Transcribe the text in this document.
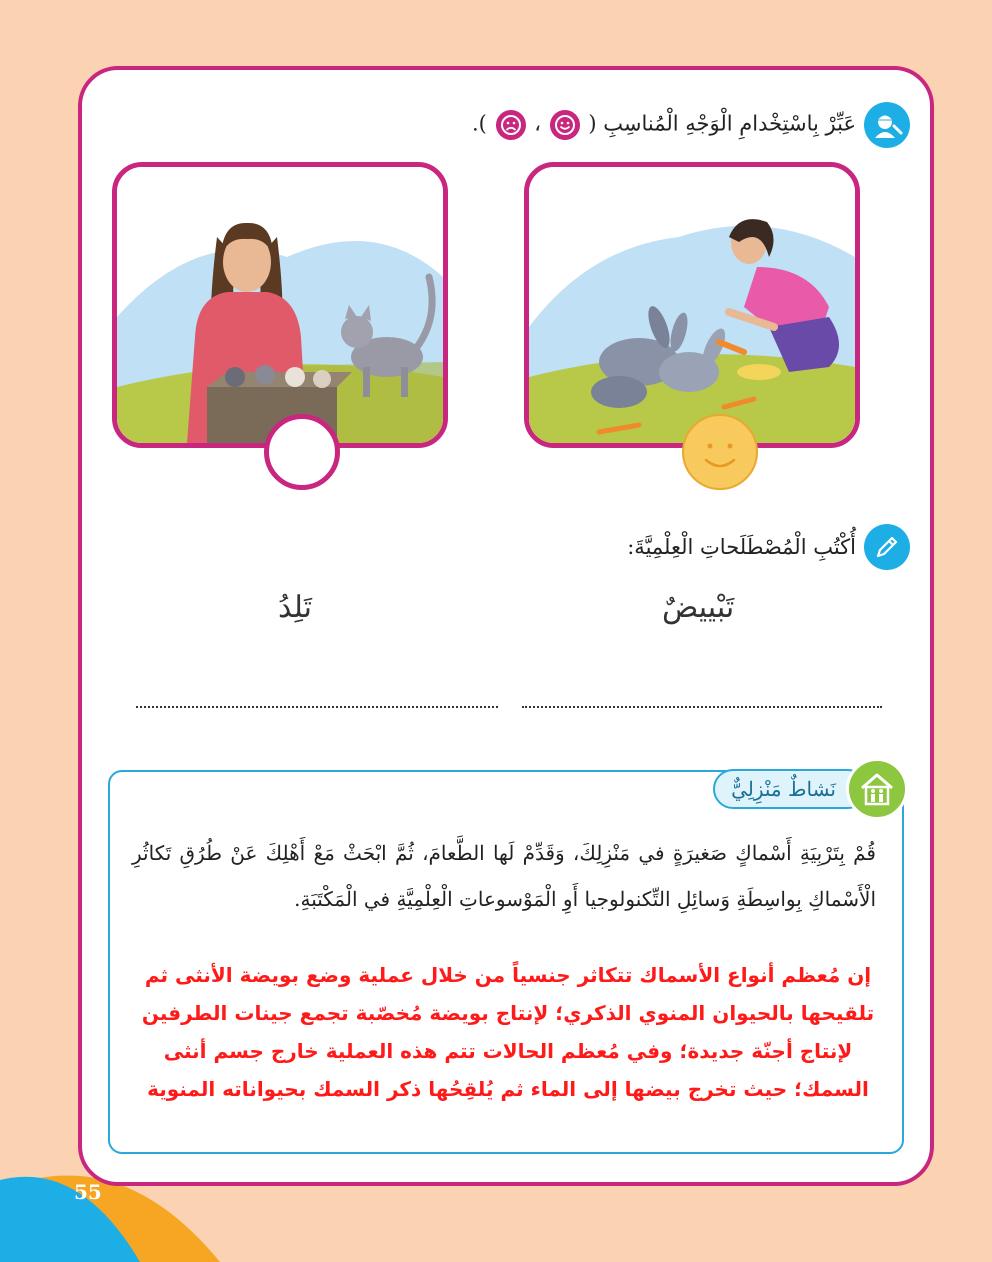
عَبِّرْ بِاسْتِخْدامِ الْوَجْهِ الْمُناسِبِ (
،
).
أُكْتُبِ الْمُصْطَلَحاتِ الْعِلْمِيَّةَ:
تَبْييضٌ
تَلِدُ
نَشاطٌ مَنْزِلِيٌّ
قُمْ بِتَرْبِيَةِ أَسْماكٍ صَغيرَةٍ في مَنْزِلِكَ، وَقَدِّمْ لَها الطَّعامَ، ثُمَّ ابْحَثْ مَعْ أَهْلِكَ عَنْ طُرُقِ تَكاثُرِ الْأَسْماكِ بِواسِطَةِ وَسائِلِ التِّكنولوجيا أَوِ الْمَوْسوعاتِ الْعِلْمِيَّةِ في الْمَكْتَبَةِ.
إن مُعظم أنواع الأسماك تتكاثر جنسياً من خلال عملية وضع بويضة الأنثى ثم تلقيحها بالحيوان المنوي الذكري؛ لإنتاج بويضة مُخصّبة تجمع جينات الطرفين لإنتاج أجنّة جديدة؛ وفي مُعظم الحالات تتم هذه العملية خارج جسم أنثى السمك؛ حيث تخرج بيضها إلى الماء ثم يُلقِحُها ذكر السمك بحيواناته المنوية
55
